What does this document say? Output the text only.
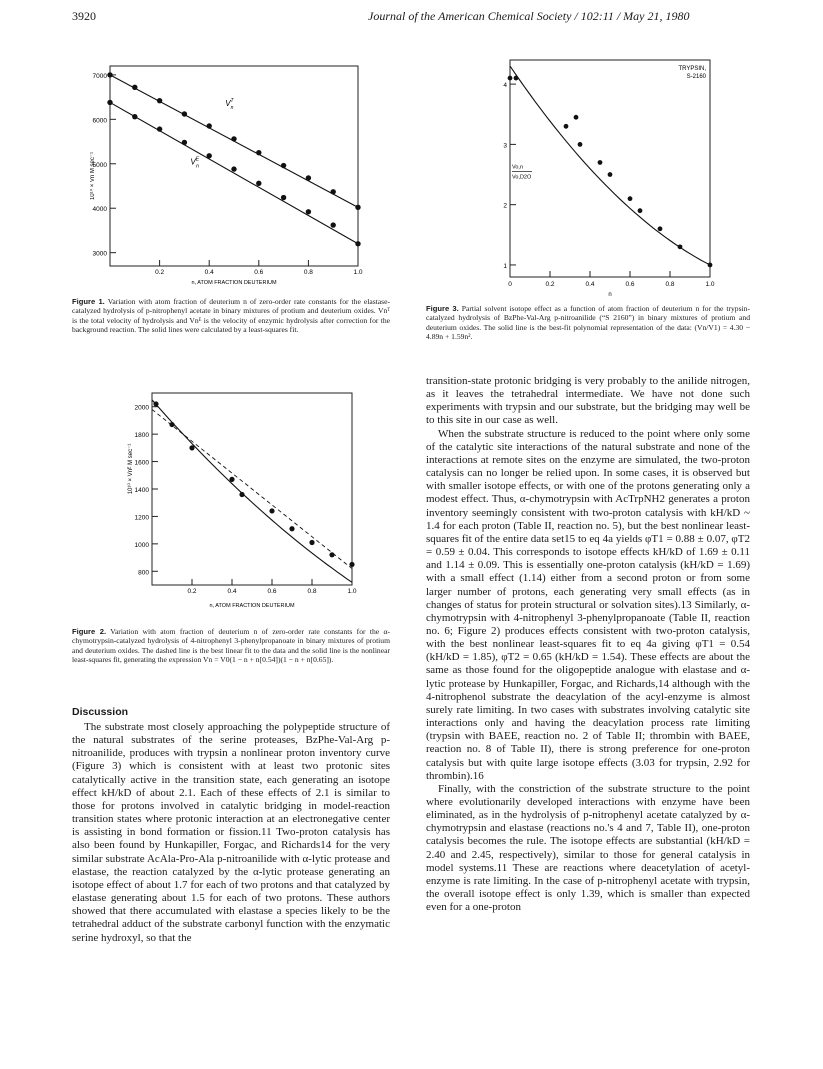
3920	Journal of the American Chemical Society / 102:11 / May 21, 1980
3000
4000
5000
6000
7000
0.2	0.4	0.6	0.8	1.0
n, ATOM FRACTION DEUTERIUM
10¹⁰ × Vn M sec⁻¹
$V^T$ n
$V^E$ n
Figure 1. Variation with atom fraction of deuterium n of zero-order rate constants for the elastase-catalyzed hydrolysis of p-nitrophenyl acetate in binary mixtures of protium and deuterium oxides. Vnᵀ is the total velocity of hydrolysis and Vnᴱ is the velocity of enzymic hydrolysis after correction for the background reaction. The solid lines were calculated by a least-squares fit.
800
1000
1200
1400
1600
1800
2000
0.2	0.4	0.6	0.8	1.0
n, ATOM FRACTION DEUTERIUM
10¹⁰ × Vnᴱ M sec⁻¹
Figure 2. Variation with atom fraction of deuterium n of zero-order rate constants for the α-chymotrypsin-catalyzed hydrolysis of 4-nitrophenyl 3-phenylpropanoate in binary mixtures of protium and deuterium oxides. The dashed line is the best linear fit to the data and the solid line is the nonlinear least-squares fit, generating the expression Vn = V0(1 − n + n[0.54])(1 − n + n[0.65]).
1
2
3
4
0	0.2	0.4	0.6	0.8	1.0
n
TRYPSIN,
S-2160
Vo,n
Vo,D2O
Figure 3. Partial solvent isotope effect as a function of atom fraction of deuterium n for the trypsin-catalyzed hydrolysis of BzPhe-Val-Arg p-nitroanilide (“S 2160”) in binary mixtures of protium and deuterium oxides. The solid line is the best-fit polynomial representation of the data: (Vn/V1) = 4.30 − 4.89n + 1.59n².
Discussion

The substrate most closely approaching the polypeptide structure of the natural substrates of the serine proteases, BzPhe-Val-Arg p-nitroanilide, produces with trypsin a nonlinear proton inventory curve (Figure 3) which is consistent with at least two protonic sites catalytically active in the transition state, each generating an isotope effect kH/kD of about 2.1. Each of these effects of 2.1 is similar to those for protons involved in catalytic bridging in model-reaction transition states where protonic interaction at an electronegative center is assisting in bond formation or fission.11 Two-proton catalysis has also been found by Hunkapiller, Forgac, and Richards14 for the very similar substrate AcAla-Pro-Ala p-nitroanilide with α-lytic protease and elastase, the reaction catalyzed by the α-lytic protease generating an isotope effect of about 1.7 for each of two protons and that catalyzed by elastase generating about 1.5 for each of two protons. These authors showed that there accumulated with elastase a species likely to be the tetrahedral adduct of the substrate carbonyl function with the enzymatic serine hydroxyl, so that the

transition-state protonic bridging is very probably to the anilide nitrogen, as it leaves the tetrahedral intermediate. We have not done such experiments with trypsin and our substrate, but the bridging may well be to this site in our case as well.

When the substrate structure is reduced to the point where only some of the catalytic site interactions of the natural substrate and none of the interactions at remote sites on the enzyme are simulated, the two-proton catalysis can no longer be relied upon. In some cases, it is observed but with smaller isotope effects, or with one of the protons generating only a modest effect. Thus, α-chymotrypsin with AcTrpNH2 generates a proton inventory seemingly consistent with two-proton catalysis with kH/kD ~ 1.4 for each proton (Table II, reaction no. 5), but the best nonlinear least-squares fit of the entire data set15 to eq 4a yields φT1 = 0.88 ± 0.07, φT2 = 0.59 ± 0.04. This corresponds to isotope effects kH/kD of 1.69 ± 0.11 and 1.14 ± 0.09. This is essentially one-proton catalysis (kH/kD = 1.69) with a small effect (1.14) either from a second proton or from some larger number of protons, each generating very small effects (as in changes of status for protein structural or solvation sites).13 Similarly, α-chymotrypsin with 4-nitrophenyl 3-phenylpropanoate (Table II, reaction no. 6; Figure 2) produces effects consistent with two-proton catalysis, with the best nonlinear least-squares fit to eq 4a giving φT1 = 0.54 (kH/kD = 1.85), φT2 = 0.65 (kH/kD = 1.54). These effects are about the same as those found for the oligopeptide analogue with elastase and α-lytic protease by Hunkapiller, Forgac, and Richards,14 although with the 4-nitrophenol substrate the deacylation of the acyl-enzyme is almost surely rate limiting. In two cases with substrates involving catalytic site interactions only and having the deacylation process rate limiting (trypsin with BAEE, reaction no. 2 of Table II; thrombin with BAEE, reaction no. 8 of Table II), there is strong preference for one-proton catalysis but with quite large isotope effects (3.03 for trypsin, 2.92 for thrombin).16

Finally, with the constriction of the substrate structure to the point where evolutionarily developed interactions with enzyme have been eliminated, as in the hydrolysis of p-nitrophenyl acetate catalyzed by α-chymotrypsin and elastase (reactions no.'s 4 and 7, Table II), one-proton catalysis becomes the rule. The isotope effects are substantial (kH/kD = 2.40 and 2.45, respectively), similar to those for general catalysis in model systems.11 These are reactions where deacetylation of acetyl-enzyme is rate limiting. In the case of p-nitrophenyl acetate with trypsin, the overall isotope effect is only 1.39, which is smaller than expected even for a one-proton
